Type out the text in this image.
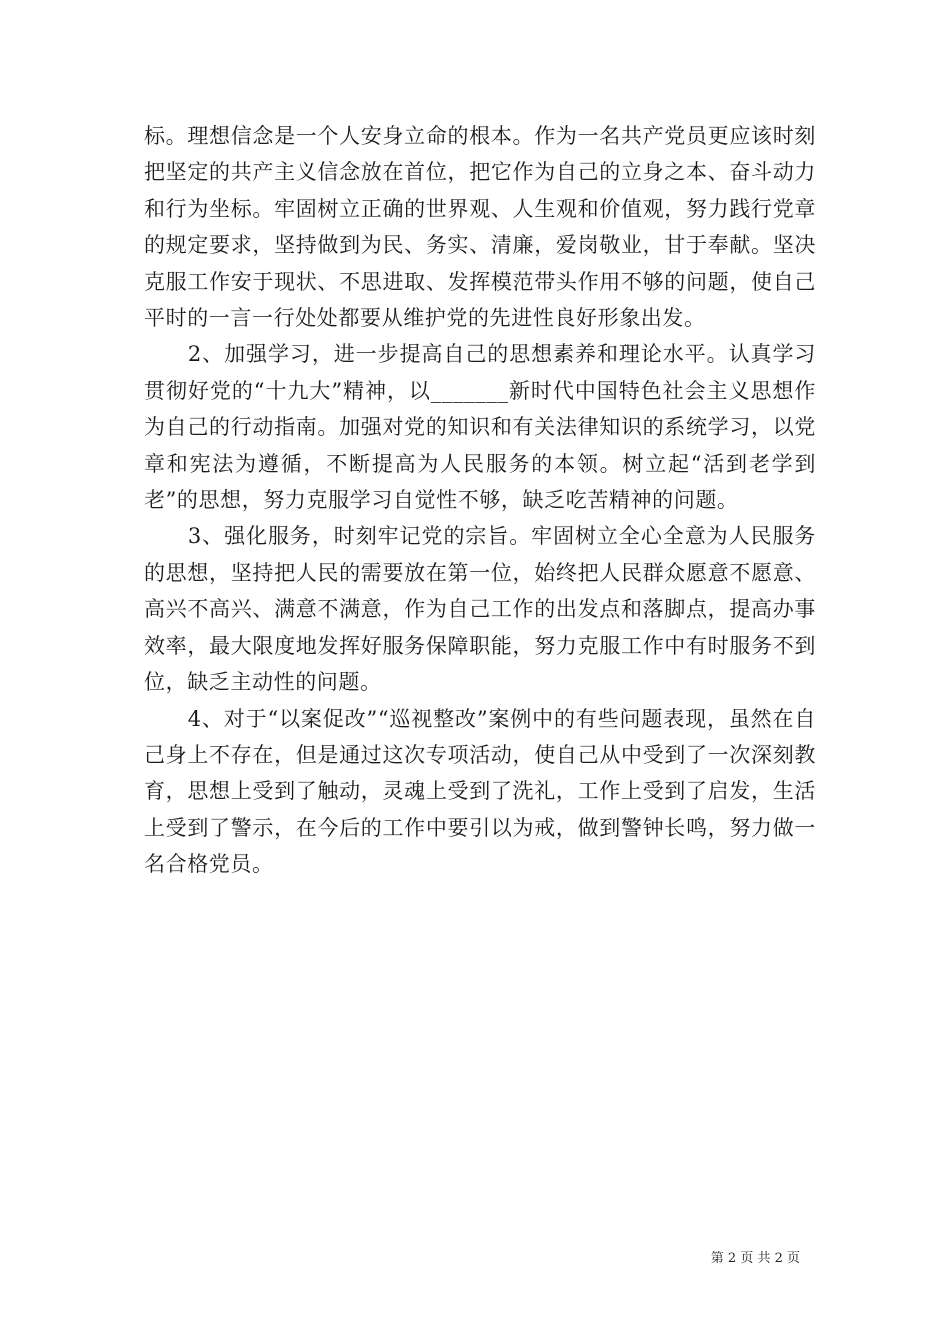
标。理想信念是一个人安身立命的根本。作为一名共产党员更应该时刻把坚定的共产主义信念放在首位，把它作为自己的立身之本、奋斗动力和行为坐标。牢固树立正确的世界观、人生观和价值观，努力践行党章的规定要求，坚持做到为民、务实、清廉，爱岗敬业，甘于奉献。坚决克服工作安于现状、不思进取、发挥模范带头作用不够的问题，使自己平时的一言一行处处都要从维护党的先进性良好形象出发。

　　2、加强学习，进一步提高自己的思想素养和理论水平。认真学习贯彻好党的“十九大”精神，以_______新时代中国特色社会主义思想作为自己的行动指南。加强对党的知识和有关法律知识的系统学习，以党章和宪法为遵循，不断提高为人民服务的本领。树立起“活到老学到老”的思想，努力克服学习自觉性不够，缺乏吃苦精神的问题。

　　3、强化服务，时刻牢记党的宗旨。牢固树立全心全意为人民服务的思想，坚持把人民的需要放在第一位，始终把人民群众愿意不愿意、高兴不高兴、满意不满意，作为自己工作的出发点和落脚点，提高办事效率，最大限度地发挥好服务保障职能，努力克服工作中有时服务不到位，缺乏主动性的问题。

　　4、对于“以案促改”“巡视整改”案例中的有些问题表现，虽然在自己身上不存在，但是通过这次专项活动，使自己从中受到了一次深刻教育，思想上受到了触动，灵魂上受到了洗礼，工作上受到了启发，生活上受到了警示，在今后的工作中要引以为戒，做到警钟长鸣，努力做一名合格党员。

第 2 页 共 2 页
